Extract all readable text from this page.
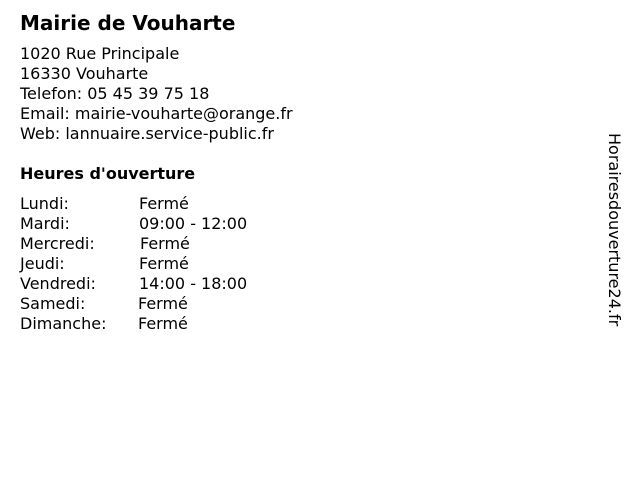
Mairie de Vouharte
1020 Rue Principale
16330 Vouharte
Telefon: 05 45 39 75 18
Email: mairie-vouharte@orange.fr
Web: lannuaire.service-public.fr
Heures d'ouverture
Lundi:	Fermé
Mardi:	09:00 - 12:00
Mercredi:	Fermé
Jeudi:	Fermé
Vendredi:	14:00 - 18:00
Samedi:	Fermé
Dimanche:	Fermé	Horairesdouverture24.fr
